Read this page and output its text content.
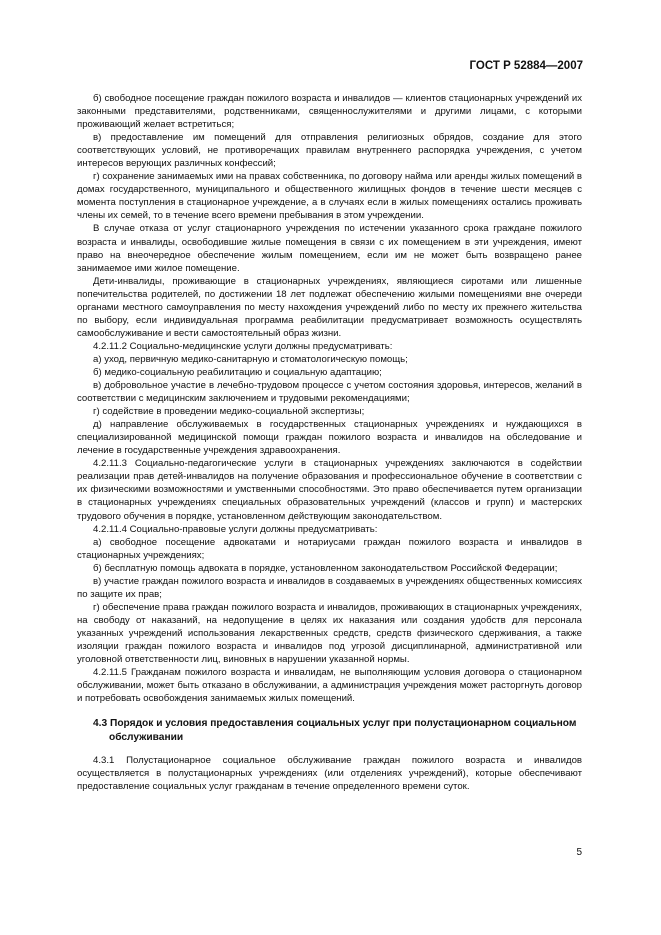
ГОСТ Р 52884—2007

б) свободное посещение граждан пожилого возраста и инвалидов — клиентов стационарных учреждений их законными представителями, родственниками, священнослужителями и другими лицами, с которыми проживающий желает встретиться;

в) предоставление им помещений для отправления религиозных обрядов, создание для этого соответствующих условий, не противоречащих правилам внутреннего распорядка учреждения, с учетом интересов верующих различных конфессий;

г) сохранение занимаемых ими на правах собственника, по договору найма или аренды жилых помещений в домах государственного, муниципального и общественного жилищных фондов в течение шести месяцев с момента поступления в стационарное учреждение, а в случаях если в жилых помещениях остались проживать члены их семей, то в течение всего времени пребывания в этом учреждении.

В случае отказа от услуг стационарного учреждения по истечении указанного срока граждане пожилого возраста и инвалиды, освободившие жилые помещения в связи с их помещением в эти учреждения, имеют право на внеочередное обеспечение жилым помещением, если им не может быть возвращено ранее занимаемое ими жилое помещение.

Дети-инвалиды, проживающие в стационарных учреждениях, являющиеся сиротами или лишенные попечительства родителей, по достижении 18 лет подлежат обеспечению жилыми помещениями вне очереди органами местного самоуправления по месту нахождения учреждений либо по месту их прежнего жительства по выбору, если индивидуальная программа реабилитации предусматривает возможность осуществлять самообслуживание и вести самостоятельный образ жизни.

4.2.11.2 Социально-медицинские услуги должны предусматривать:

а) уход, первичную медико-санитарную и стоматологическую помощь;

б) медико-социальную реабилитацию и социальную адаптацию;

в) добровольное участие в лечебно-трудовом процессе с учетом состояния здоровья, интересов, желаний в соответствии с медицинским заключением и трудовыми рекомендациями;

г) содействие в проведении медико-социальной экспертизы;

д) направление обслуживаемых в государственных стационарных учреждениях и нуждающихся в специализированной медицинской помощи граждан пожилого возраста и инвалидов на обследование и лечение в государственные учреждения здравоохранения.

4.2.11.3 Социально-педагогические услуги в стационарных учреждениях заключаются в содействии реализации прав детей-инвалидов на получение образования и профессиональное обучение в соответствии с их физическими возможностями и умственными способностями. Это право обеспечивается путем организации в стационарных учреждениях специальных образовательных учреждений (классов и групп) и мастерских трудового обучения в порядке, установленном действующим законодательством.

4.2.11.4 Социально-правовые услуги должны предусматривать:

а) свободное посещение адвокатами и нотариусами граждан пожилого возраста и инвалидов в стационарных учреждениях;

б) бесплатную помощь адвоката в порядке, установленном законодательством Российской Федерации;

в) участие граждан пожилого возраста и инвалидов в создаваемых в учреждениях общественных комиссиях по защите их прав;

г) обеспечение права граждан пожилого возраста и инвалидов, проживающих в стационарных учреждениях, на свободу от наказаний, на недопущение в целях их наказания или создания удобств для персонала указанных учреждений использования лекарственных средств, средств физического сдерживания, а также изоляции граждан пожилого возраста и инвалидов под угрозой дисциплинарной, административной или уголовной ответственности лиц, виновных в нарушении указанной нормы.

4.2.11.5 Гражданам пожилого возраста и инвалидам, не выполняющим условия договора о стационарном обслуживании, может быть отказано в обслуживании, а администрация учреждения может расторгнуть договор и потребовать освобождения занимаемых жилых помещений.

4.3 Порядок и условия предоставления социальных услуг при полустационарном социальном обслуживании

4.3.1 Полустационарное социальное обслуживание граждан пожилого возраста и инвалидов осуществляется в полустационарных учреждениях (или отделениях учреждений), которые обеспечивают предоставление социальных услуг гражданам в течение определенного времени суток.

5
